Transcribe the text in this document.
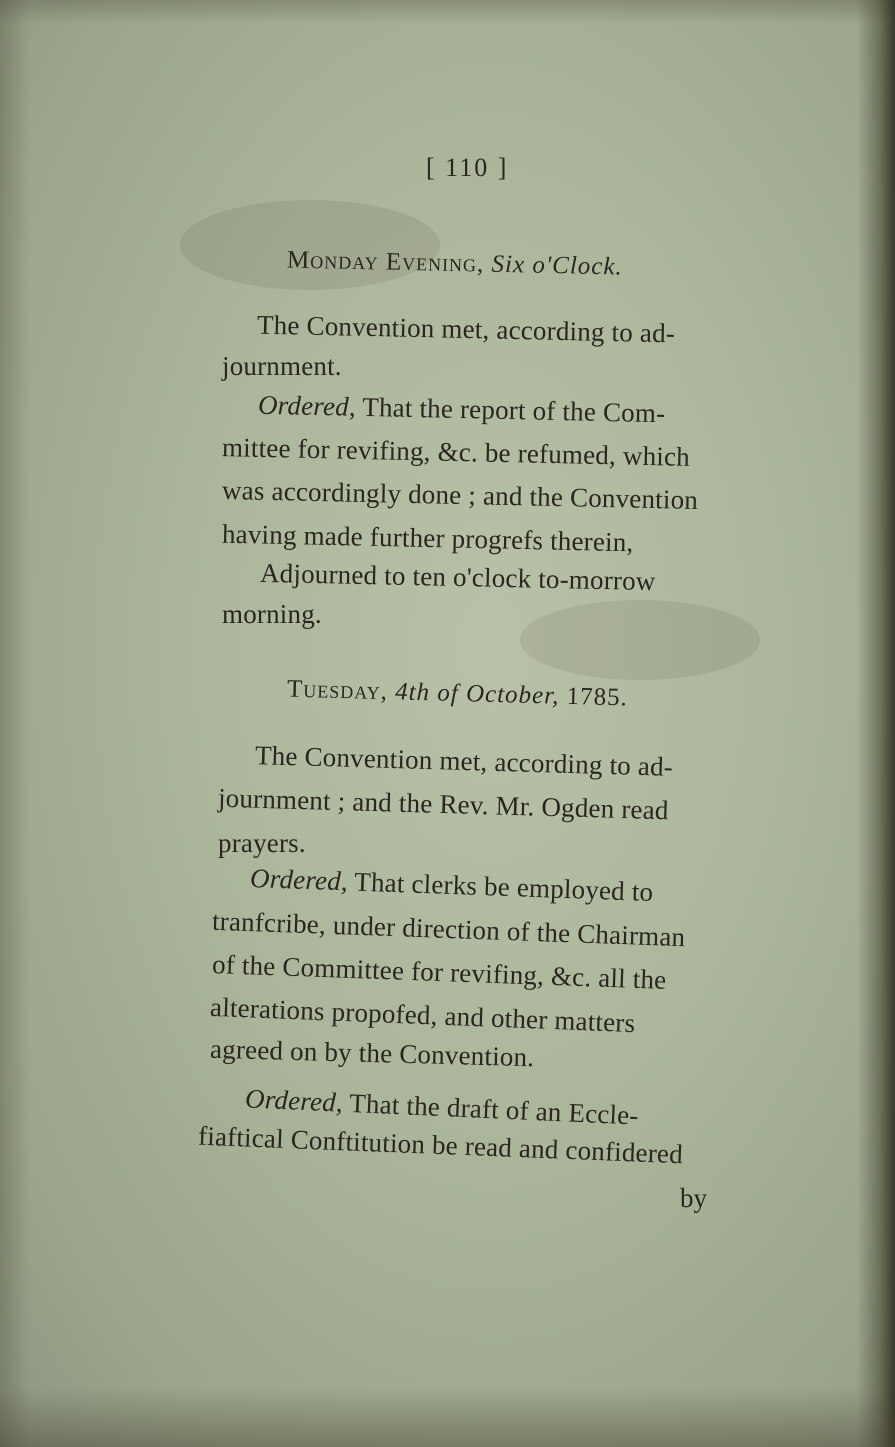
[ 110 ]
Monday Evening, Six o'Clock.
The Convention met, according to ad-
journment.
Ordered, That the report of the Com-
mittee for revifing, &c. be refumed, which
was accordingly done ; and the Convention
having made further progrefs therein,
Adjourned to ten o'clock to-morrow
morning.
Tuesday, 4th of October, 1785.
The Convention met, according to ad-
journment ; and the Rev. Mr. Ogden read
prayers.
Ordered, That clerks be employed to
tranfcribe, under direction of the Chairman
of the Committee for revifing, &c. all the
alterations propofed, and other matters
agreed on by the Convention.
Ordered, That the draft of an Eccle-
fiaftical Conftitution be read and confidered
by
